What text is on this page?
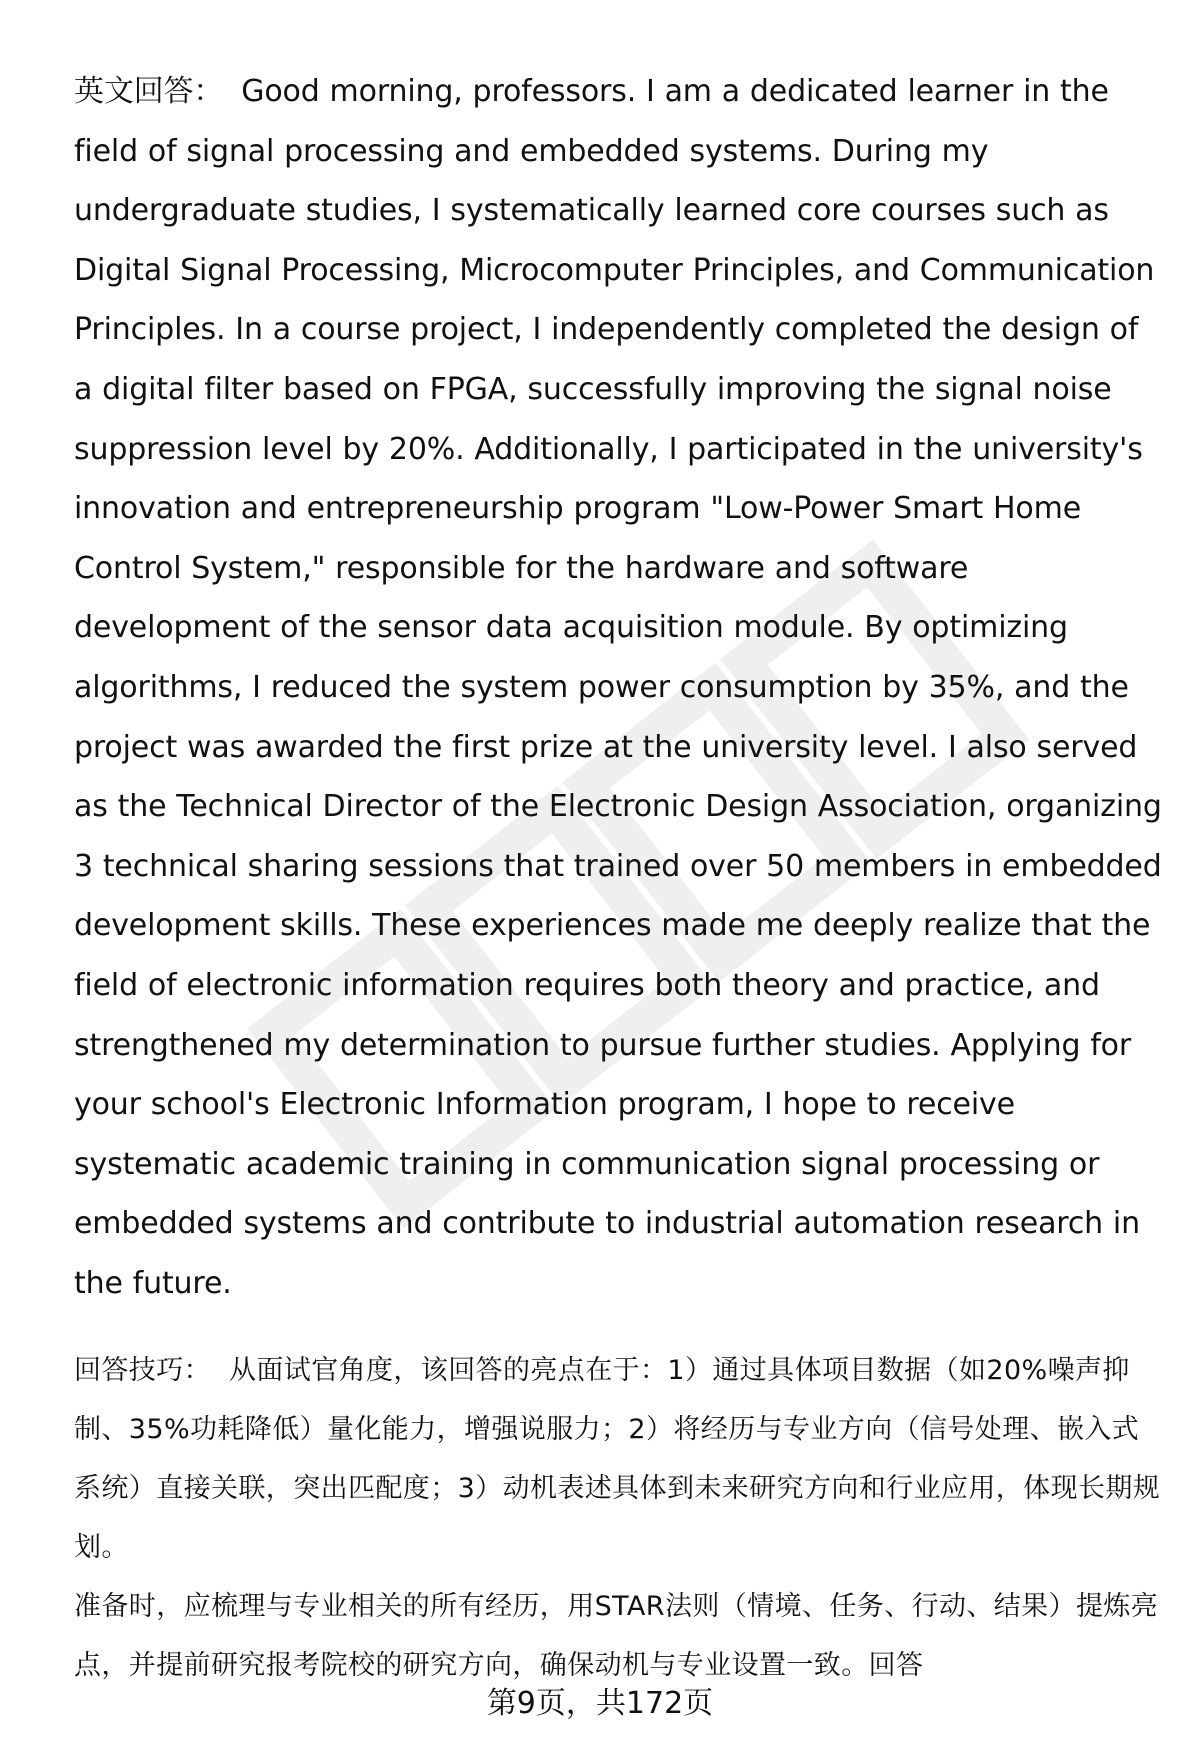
英文回答： Good morning, professors. I am a dedicated learner in the field of signal processing and embedded systems. During my undergraduate studies, I systematically learned core courses such as Digital Signal Processing, Microcomputer Principles, and Communication Principles. In a course project, I independently completed the design of a digital filter based on FPGA, successfully improving the signal noise suppression level by 20%. Additionally, I participated in the university's innovation and entrepreneurship program "Low-Power Smart Home Control System," responsible for the hardware and software development of the sensor data acquisition module. By optimizing algorithms, I reduced the system power consumption by 35%, and the project was awarded the first prize at the university level. I also served as the Technical Director of the Electronic Design Association, organizing 3 technical sharing sessions that trained over 50 members in embedded development skills. These experiences made me deeply realize that the field of electronic information requires both theory and practice, and strengthened my determination to pursue further studies. Applying for your school's Electronic Information program, I hope to receive systematic academic training in communication signal processing or embedded systems and contribute to industrial automation research in the future.

回答技巧： 从面试官角度，该回答的亮点在于：1）通过具体项目数据（如20%噪声抑制、35%功耗降低）量化能力，增强说服力；2）将经历与专业方向（信号处理、嵌入式系统）直接关联，突出匹配度；3）动机表述具体到未来研究方向和行业应用，体现长期规划。

准备时，应梳理与专业相关的所有经历，用STAR法则（情境、任务、行动、结果）提炼亮点，并提前研究报考院校的研究方向，确保动机与专业设置一致。回答

第9页，共172页
